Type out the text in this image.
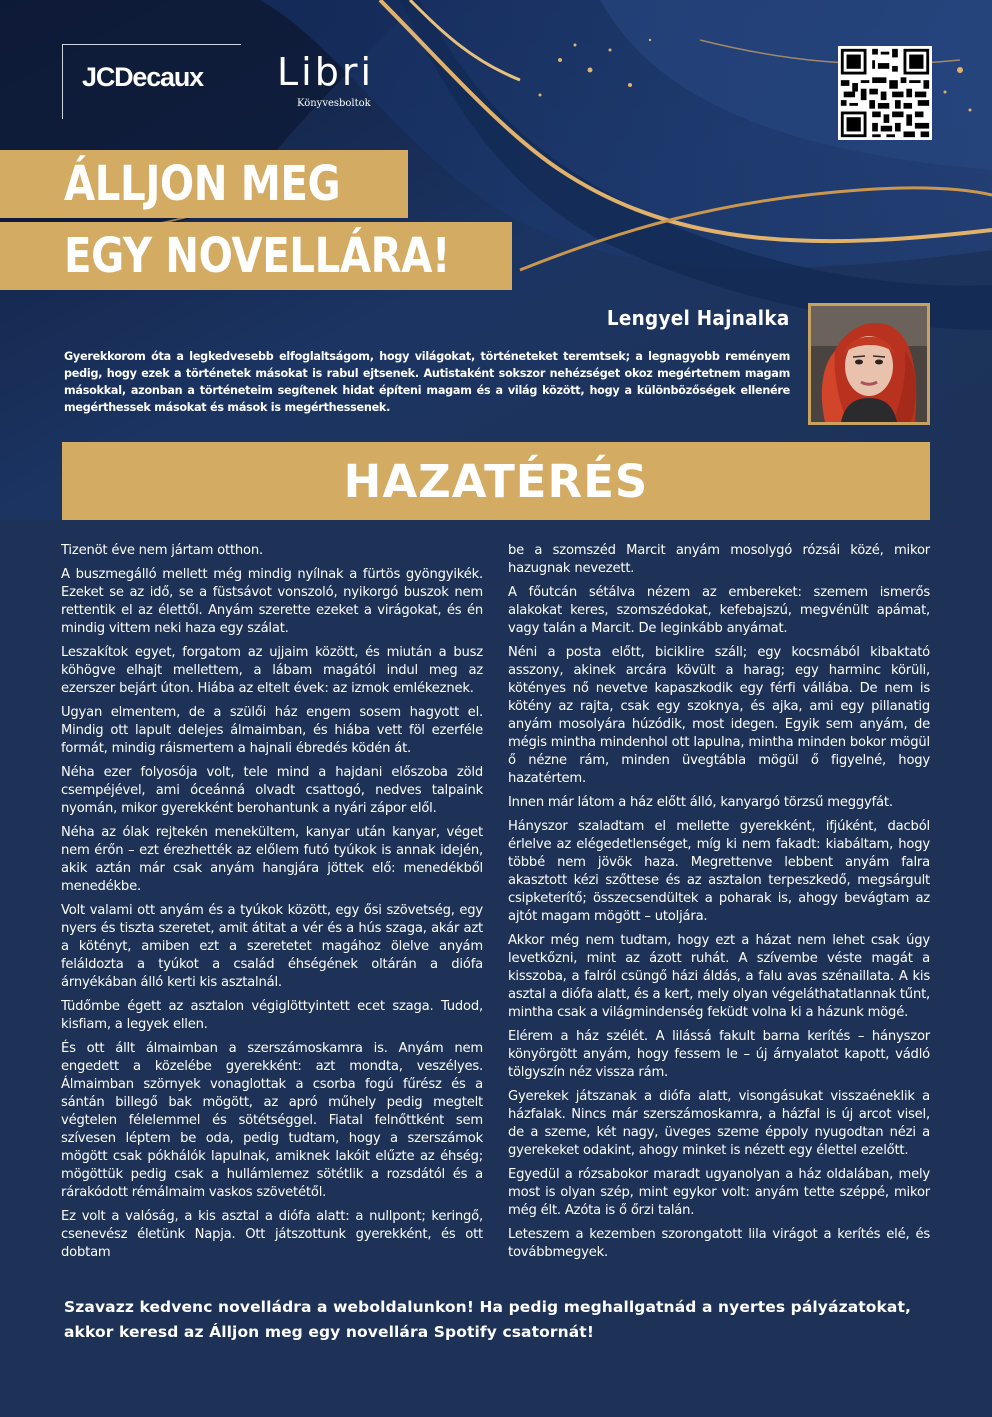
JCDecaux Libri
Könyvesboltok
ÁLLJON MEG
EGY NOVELLÁRA!
Lengyel Hajnalka
Gyerekkorom óta a legkedvesebb elfoglaltságom, hogy világokat, történeteket teremtsek; a legnagyobb reményem pedig, hogy ezek a történetek másokat is rabul ejtsenek. Autistaként sokszor nehézséget okoz megértetnem magam másokkal, azonban a történeteim segítenek hidat építeni magam és a világ között, hogy a különbözőségek ellenére megérthessek másokat és mások is megérthessenek.
HAZATÉRÉS

Tizenöt éve nem jártam otthon.

A buszmegálló mellett még mindig nyílnak a fürtös gyöngyikék. Ezeket se az idő, se a füstsávot vonszoló, nyikorgó buszok nem rettentik el az élettől. Anyám szerette ezeket a virágokat, és én mindig vittem neki haza egy szálat.

Leszakítok egyet, forgatom az ujjaim között, és miután a busz köhögve elhajt mellettem, a lábam magától indul meg az ezerszer bejárt úton. Hiába az eltelt évek: az izmok emlékeznek.

Ugyan elmentem, de a szülői ház engem sosem hagyott el. Mindig ott lapult delejes álmaimban, és hiába vett föl ezerféle formát, mindig ráismertem a hajnali ébredés ködén át.

Néha ezer folyosója volt, tele mind a hajdani előszoba zöld csempéjével, ami óceánná olvadt csattogó, nedves talpaink nyomán, mikor gyerekként berohantunk a nyári zápor elől.

Néha az ólak rejtekén menekültem, kanyar után kanyar, véget nem érőn – ezt érezhették az előlem futó tyúkok is annak idején, akik aztán már csak anyám hangjára jöttek elő: menedékből menedékbe.

Volt valami ott anyám és a tyúkok között, egy ősi szövetség, egy nyers és tiszta szeretet, amit átitat a vér és a hús szaga, akár azt a kötényt, amiben ezt a szeretetet magához ölelve anyám feláldozta a tyúkot a család éhségének oltárán a diófa árnyékában álló kerti kis asztalnál.

Tüdőmbe égett az asztalon végiglöttyintett ecet szaga. Tudod, kisfiam, a legyek ellen.

És ott állt álmaimban a szerszámoskamra is. Anyám nem engedett a közelébe gyerekként: azt mondta, veszélyes. Álmaimban szörnyek vonaglottak a csorba fogú fűrész és a sántán billegő bak mögött, az apró műhely pedig megtelt végtelen félelemmel és sötétséggel. Fiatal felnőttként sem szívesen léptem be oda, pedig tudtam, hogy a szerszámok mögött csak pókhálók lapulnak, amiknek lakóit elűzte az éhség; mögöttük pedig csak a hullámlemez sötétlik a rozsdától és a rárakódott rémálmaim vaskos szövetétől.

Ez volt a valóság, a kis asztal a diófa alatt: a nullpont; keringő, csenevész életünk Napja. Ott játszottunk gyerekként, és ott dobtam

be a szomszéd Marcit anyám mosolygó rózsái közé, mikor hazugnak nevezett.

A főutcán sétálva nézem az embereket: szemem ismerős alakokat keres, szomszédokat, kefebajszú, megvénült apámat, vagy talán a Marcit. De leginkább anyámat.

Néni a posta előtt, biciklire száll; egy kocsmából kibaktató asszony, akinek arcára kövült a harag; egy harminc körüli, kötényes nő nevetve kapaszkodik egy férfi vállába. De nem is kötény az rajta, csak egy szoknya, és ajka, ami egy pillanatig anyám mosolyára húzódik, most idegen. Egyik sem anyám, de mégis mintha mindenhol ott lapulna, mintha minden bokor mögül ő nézne rám, minden üvegtábla mögül ő figyelné, hogy hazatértem.

Innen már látom a ház előtt álló, kanyargó törzsű meggyfát.

Hányszor szaladtam el mellette gyerekként, ifjúként, dacból érlelve az elégedetlenséget, míg ki nem fakadt: kiabáltam, hogy többé nem jövök haza. Megrettenve lebbent anyám falra akasztott kézi szőttese és az asztalon terpeszkedő, megsárgult csipketerítő; összecsendültek a poharak is, ahogy bevágtam az ajtót magam mögött – utoljára.

Akkor még nem tudtam, hogy ezt a házat nem lehet csak úgy levetkőzni, mint az ázott ruhát. A szívembe véste magát a kisszoba, a falról csüngő házi áldás, a falu avas szénaillata. A kis asztal a diófa alatt, és a kert, mely olyan végeláthatatlannak tűnt, mintha csak a világmindenség feküdt volna ki a házunk mögé.

Elérem a ház szélét. A lilássá fakult barna kerítés – hányszor könyörgött anyám, hogy fessem le – új árnyalatot kapott, vádló tölgyszín néz vissza rám.

Gyerekek játszanak a diófa alatt, visongásukat visszaéneklik a házfalak. Nincs már szerszámoskamra, a házfal is új arcot visel, de a szeme, két nagy, üveges szeme éppoly nyugodtan nézi a gyerekeket odakint, ahogy minket is nézett egy élettel ezelőtt.

Egyedül a rózsabokor maradt ugyanolyan a ház oldalában, mely most is olyan szép, mint egykor volt: anyám tette széppé, mikor még élt. Azóta is ő őrzi talán.

Leteszem a kezemben szorongatott lila virágot a kerítés elé, és továbbmegyek.

Szavazz kedvenc novelládra a weboldalunkon! Ha pedig meghallgatnád a nyertes pályázatokat,
akkor keresd az Álljon meg egy novellára Spotify csatornát!
